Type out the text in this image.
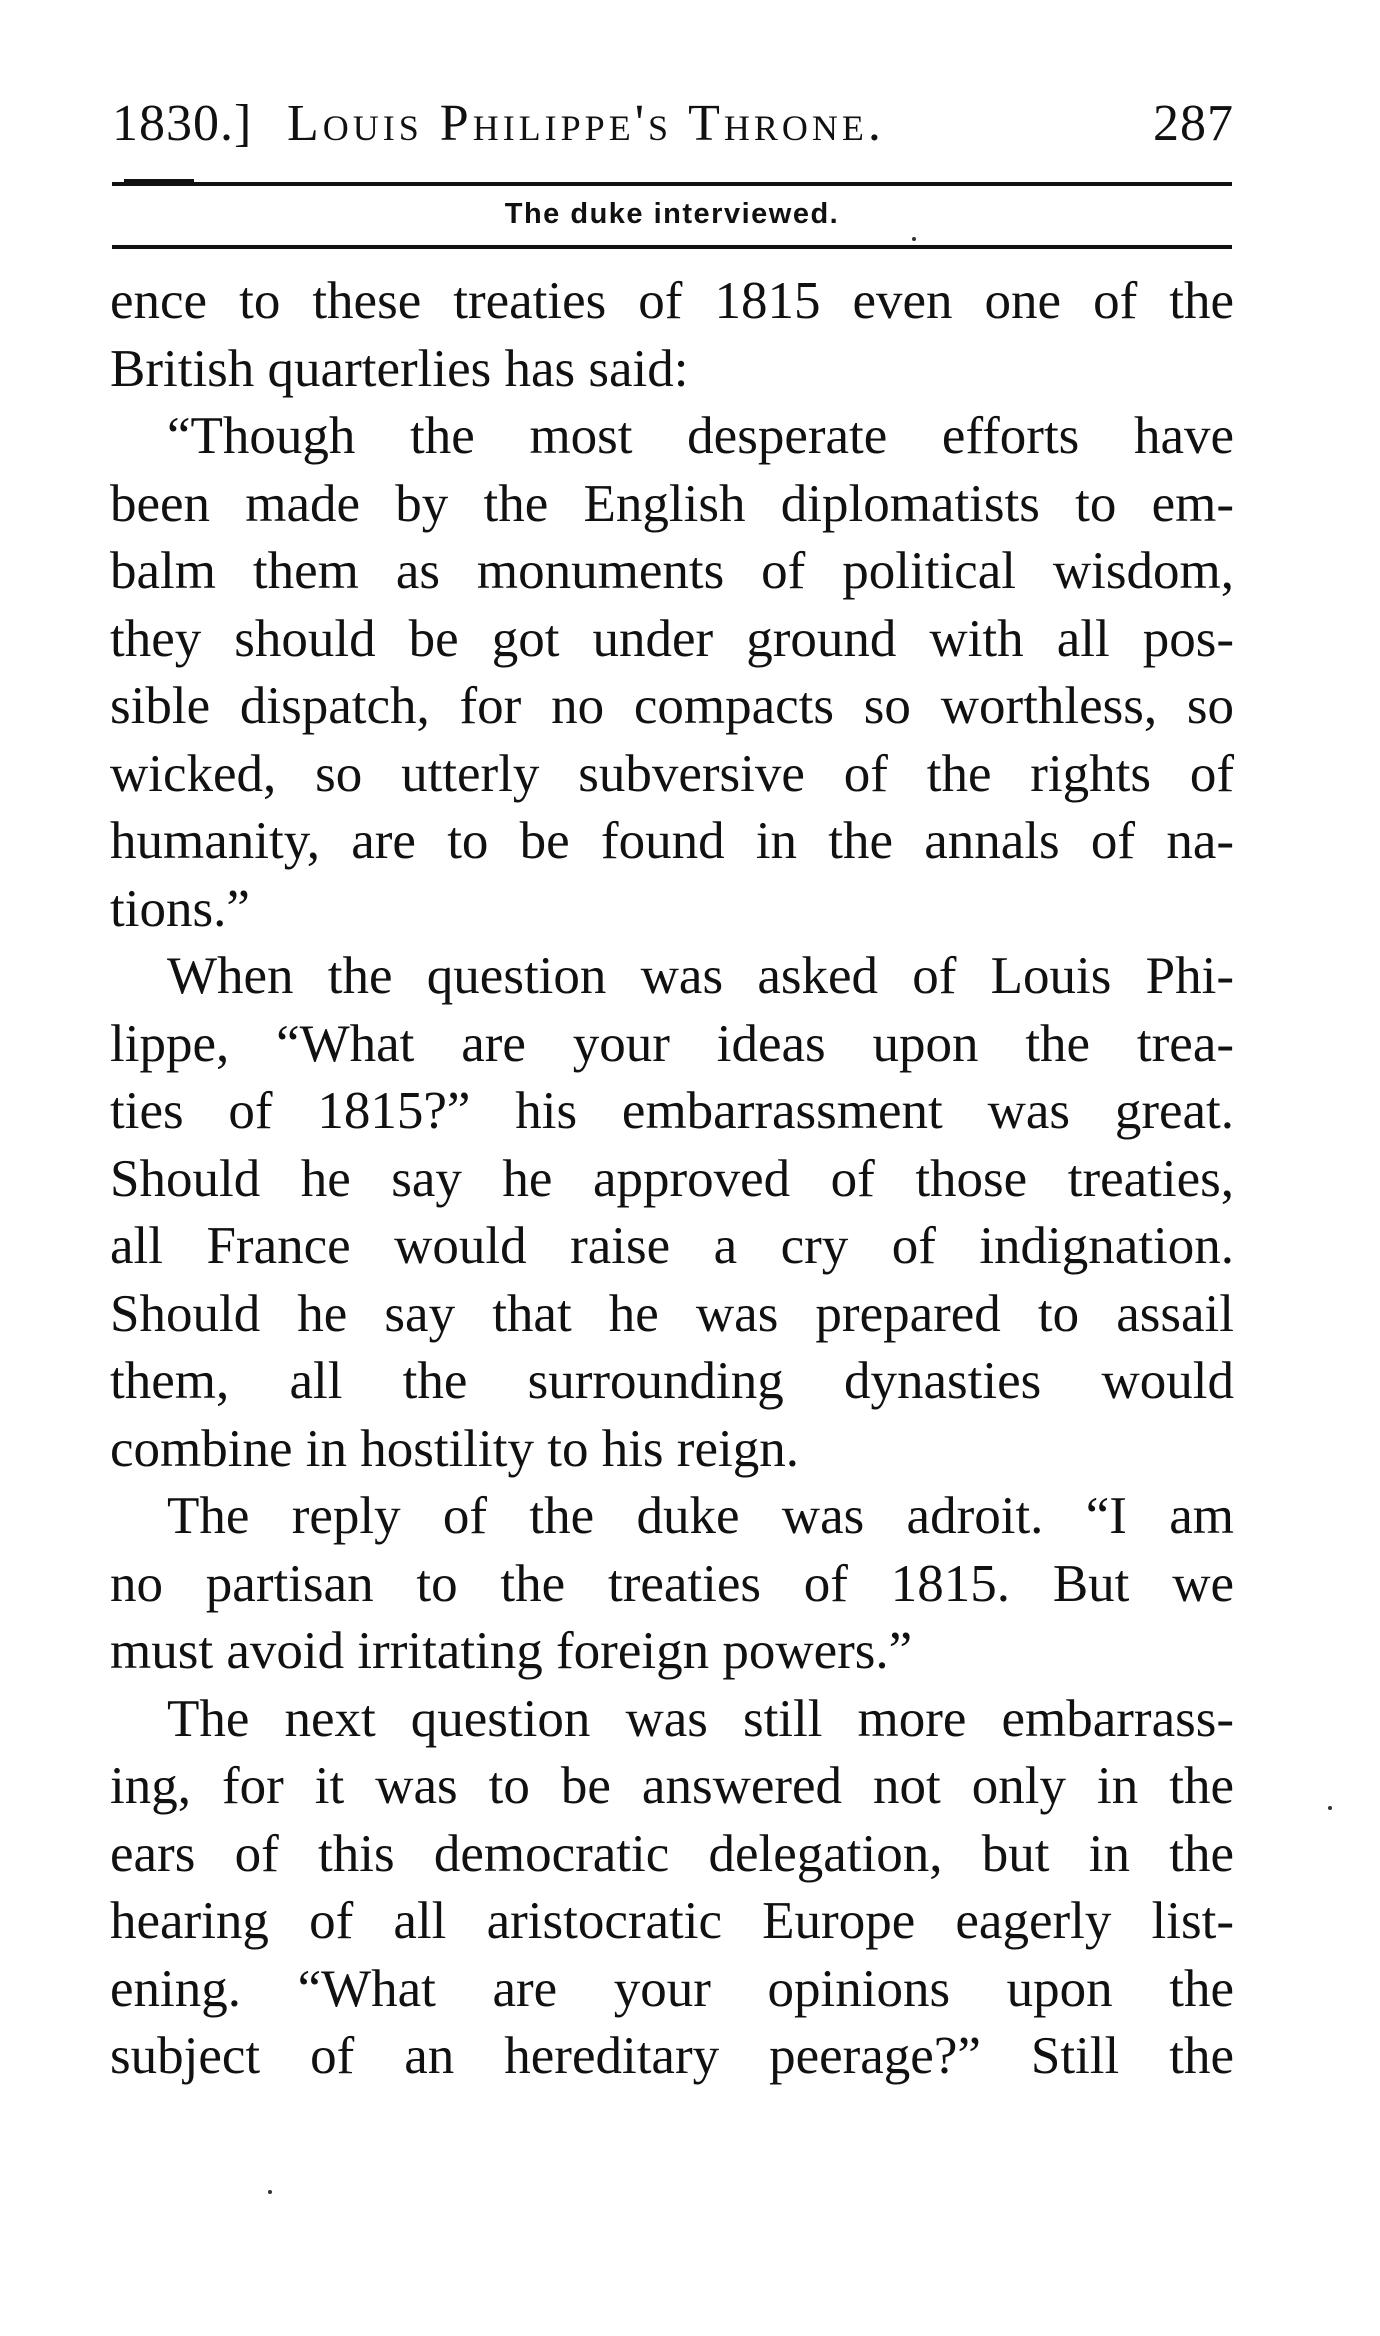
1830.] Louis Philippe's Throne.	287
The duke interviewed.
ence to these treaties of 1815 even one of the
British quarterlies has said:
“Though the most desperate efforts have
been made by the English diplomatists to em-
balm them as monuments of political wisdom,
they should be got under ground with all pos-
sible dispatch, for no compacts so worthless, so
wicked, so utterly subversive of the rights of
humanity, are to be found in the annals of na-
tions.”
When the question was asked of Louis Phi-
lippe, “What are your ideas upon the trea-
ties of 1815?” his embarrassment was great.
Should he say he approved of those treaties,
all France would raise a cry of indignation.
Should he say that he was prepared to assail
them, all the surrounding dynasties would
combine in hostility to his reign.
The reply of the duke was adroit. “I am
no partisan to the treaties of 1815. But we
must avoid irritating foreign powers.”
The next question was still more embarrass-
ing, for it was to be answered not only in the
ears of this democratic delegation, but in the
hearing of all aristocratic Europe eagerly list-
ening. “What are your opinions upon the
subject of an hereditary peerage?” Still the
